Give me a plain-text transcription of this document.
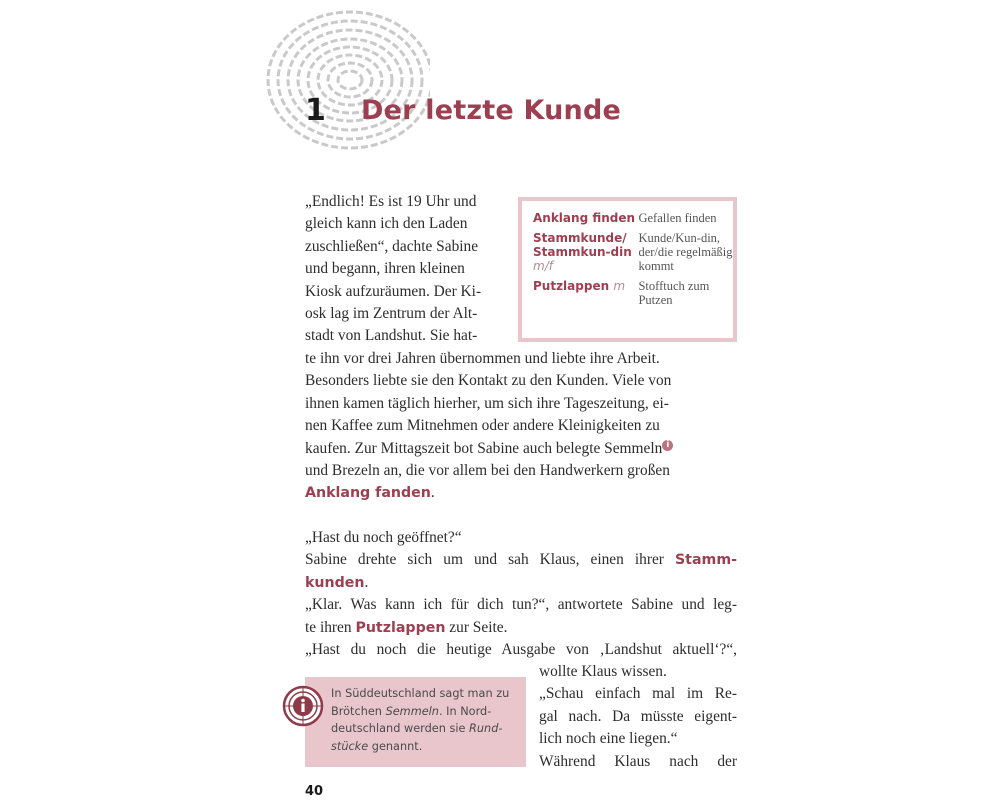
1	Der letzte Kunde
Anklang finden Gefallen finden
Stammkunde/ Stammkun-din m/f
Kunde/Kun-din, der/die regelmäßig kommt
Putzlappen m	Stofftuch zum Putzen

„Endlich! Es ist 19 Uhr und

gleich kann ich den Laden

zuschließen“, dachte Sabine

und begann, ihren kleinen

Kiosk aufzuräumen. Der Ki-

osk lag im Zentrum der Alt-

stadt von Landshut. Sie hat-

te ihn vor drei Jahren übernommen und liebte ihre Arbeit.

Besonders liebte sie den Kontakt zu den Kunden. Viele von

ihnen kamen täglich hierher, um sich ihre Tageszeitung, ei-

nen Kaffee zum Mitnehmen oder andere Kleinigkeiten zu

kaufen. Zur Mittagszeit bot Sabine auch belegte Semmeln i

und Brezeln an, die vor allem bei den Handwerkern großen

Anklang fanden.

„Hast du noch geöffnet?“

Sabine drehte sich um und sah Klaus, einen ihrer Stamm-

kunden.

„Klar. Was kann ich für dich tun?“, antwortete Sabine und leg-

te ihren Putzlappen zur Seite.

„Hast du noch die heutige Ausgabe von ‚Landshut aktuell‘?“,

wollte Klaus wissen.

„Schau einfach mal im Re-

gal nach. Da müsste eigent-

lich noch eine liegen.“

Während Klaus nach der

In Süddeutschland sagt man zu
Brötchen Semmeln. In Nord-
deutschland werden sie Rund-
stücke genannt.
40
